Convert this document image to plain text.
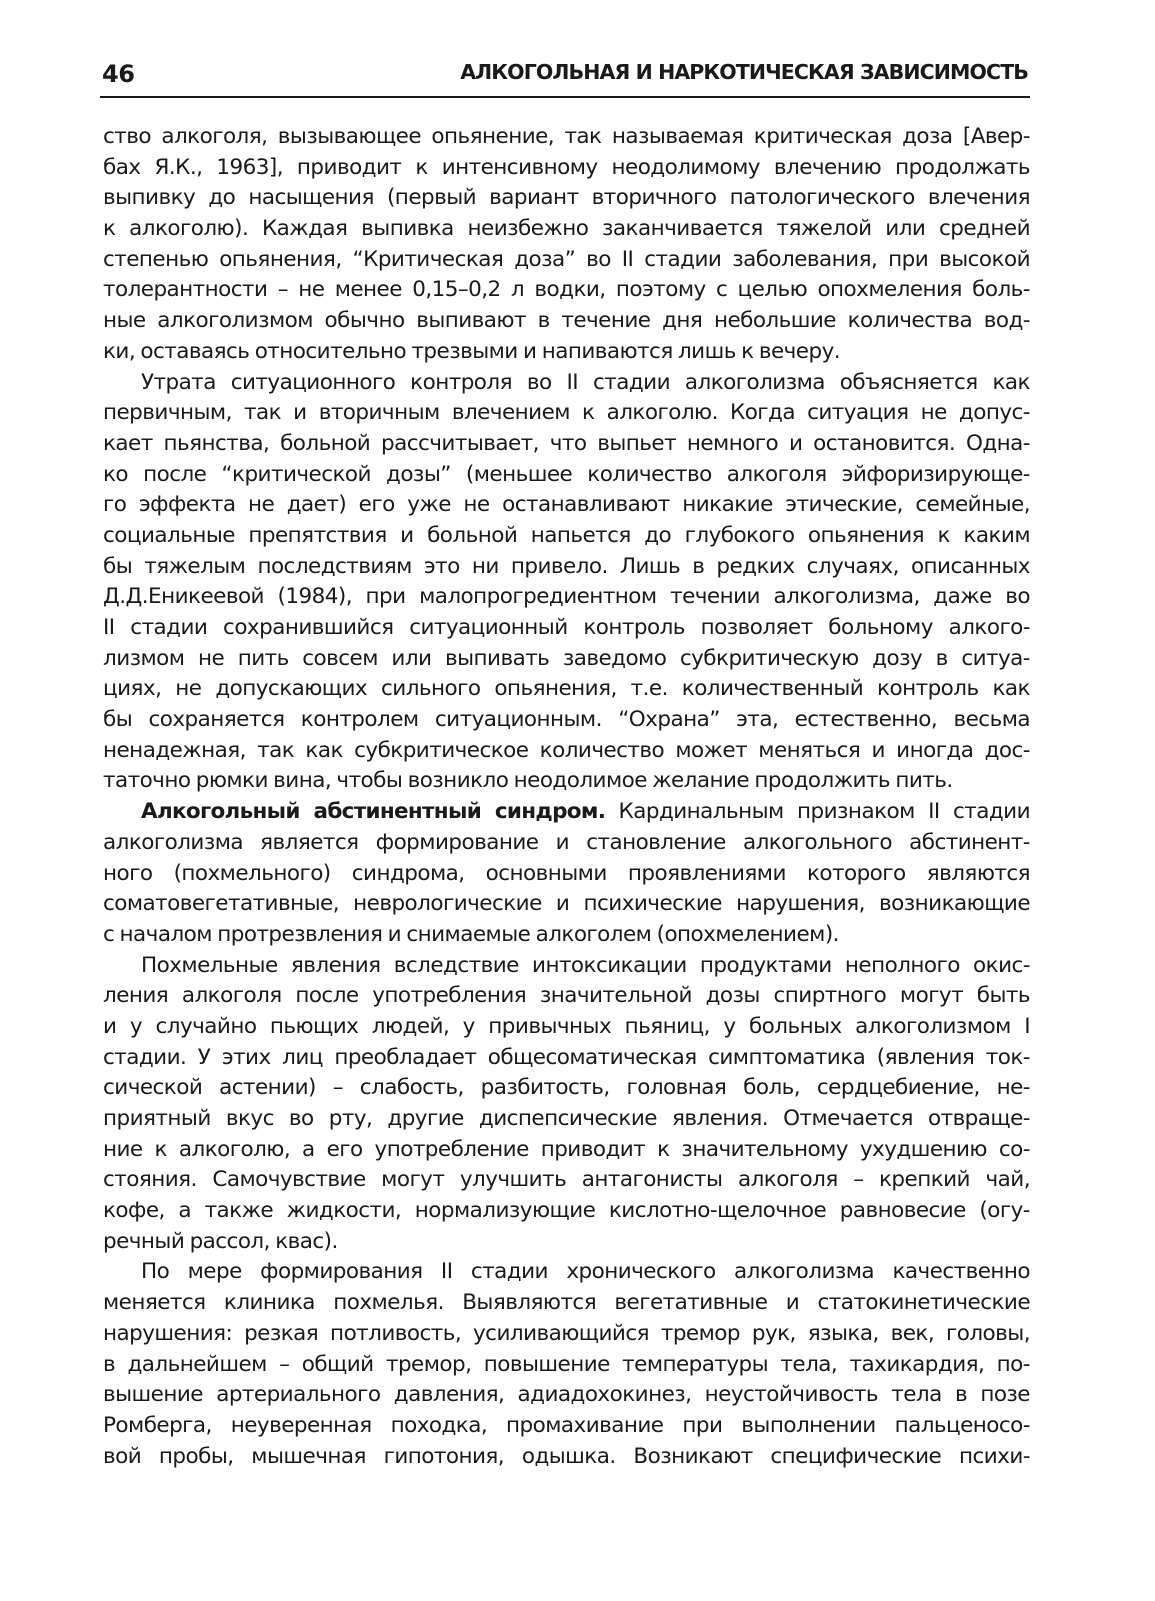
46	АЛКОГОЛЬНАЯ И НАРКОТИЧЕСКАЯ ЗАВИСИМОСТЬ
ство алкоголя, вызывающее опьянение, так называемая критическая доза [Авер-
бах Я.К., 1963], приводит к интенсивному неодолимому влечению продолжать
выпивку до насыщения (первый вариант вторичного патологического влечения
к алкоголю). Каждая выпивка неизбежно заканчивается тяжелой или средней
степенью опьянения, “Критическая доза” во II стадии заболевания, при высокой
толерантности – не менее 0,15–0,2 л водки, поэтому с целью опохмеления боль-
ные алкоголизмом обычно выпивают в течение дня небольшие количества вод-
ки, оставаясь относительно трезвыми и напиваются лишь к вечеру.
Утрата ситуационного контроля во II стадии алкоголизма объясняется как
первичным, так и вторичным влечением к алкоголю. Когда ситуация не допус-
кает пьянства, больной рассчитывает, что выпьет немного и остановится. Одна-
ко после “критической дозы” (меньшее количество алкоголя эйфоризирующе-
го эффекта не дает) его уже не останавливают никакие этические, семейные,
социальные препятствия и больной напьется до глубокого опьянения к каким
бы тяжелым последствиям это ни привело. Лишь в редких случаях, описанных
Д.Д.Еникеевой (1984), при малопрогредиентном течении алкоголизма, даже во
II стадии сохранившийся ситуационный контроль позволяет больному алкого-
лизмом не пить совсем или выпивать заведомо субкритическую дозу в ситуа-
циях, не допускающих сильного опьянения, т.е. количественный контроль как
бы сохраняется контролем ситуационным. “Охрана” эта, естественно, весьма
ненадежная, так как субкритическое количество может меняться и иногда дос-
таточно рюмки вина, чтобы возникло неодолимое желание продолжить пить.
Алкогольный абстинентный синдром. Кардинальным признаком II стадии
алкоголизма является формирование и становление алкогольного абстинент-
ного (похмельного) синдрома, основными проявлениями которого являются
соматовегетативные, неврологические и психические нарушения, возникающие
с началом протрезвления и снимаемые алкоголем (опохмелением).
Похмельные явления вследствие интоксикации продуктами неполного окис-
ления алкоголя после употребления значительной дозы спиртного могут быть
и у случайно пьющих людей, у привычных пьяниц, у больных алкоголизмом I
стадии. У этих лиц преобладает общесоматическая симптоматика (явления ток-
сической астении) – слабость, разбитость, головная боль, сердцебиение, не-
приятный вкус во рту, другие диспепсические явления. Отмечается отвраще-
ние к алкоголю, а его употребление приводит к значительному ухудшению со-
стояния. Самочувствие могут улучшить антагонисты алкоголя – крепкий чай,
кофе, а также жидкости, нормализующие кислотно-щелочное равновесие (огу-
речный рассол, квас).
По мере формирования II стадии хронического алкоголизма качественно
меняется клиника похмелья. Выявляются вегетативные и статокинетические
нарушения: резкая потливость, усиливающийся тремор рук, языка, век, головы,
в дальнейшем – общий тремор, повышение температуры тела, тахикардия, по-
вышение артериального давления, адиадохокинез, неустойчивость тела в позе
Ромберга, неуверенная походка, промахивание при выполнении пальценосо-
вой пробы, мышечная гипотония, одышка. Возникают специфические психи-
